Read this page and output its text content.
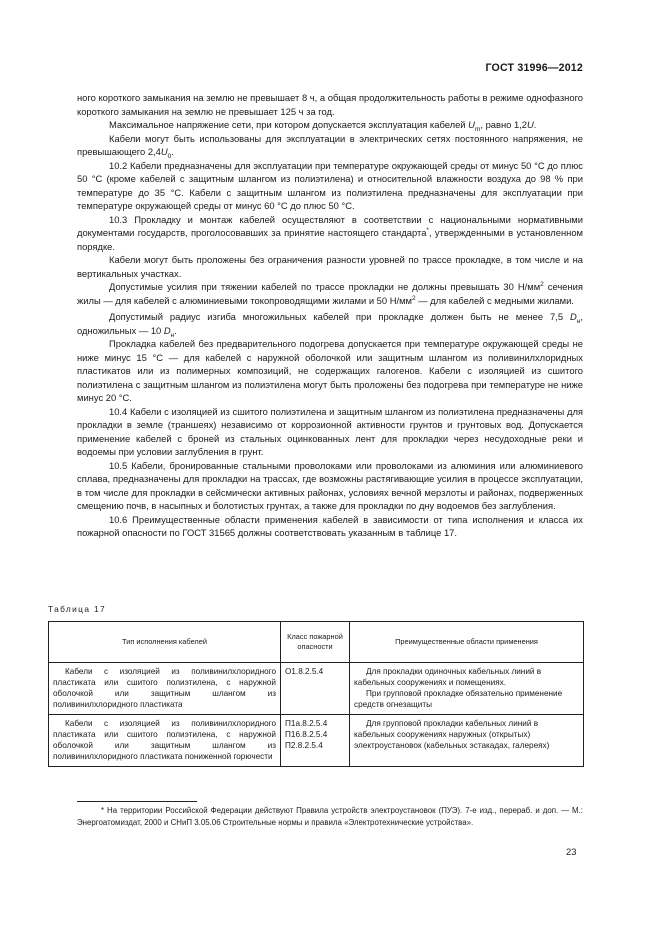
ГОСТ 31996—2012

ного короткого замыкания на землю не превышает 8 ч, а общая продолжительность работы в режиме однофазного короткого замыкания на землю не превышает 125 ч за год.

Максимальное напряжение сети, при котором допускается эксплуатация кабелей $U_m$, равно 1,2U.

Кабели могут быть использованы для эксплуатации в электрических сетях постоянного напряжения, не превышающего $2,4U_0$.

10.2 Кабели предназначены для эксплуатации при температуре окружающей среды от минус 50 °С до плюс 50 °С (кроме кабелей с защитным шлангом из полиэтилена) и относительной влажности воздуха до 98 % при температуре до 35 °С. Кабели с защитным шлангом из полиэтилена предназначены для эксплуатации при температуре окружающей среды от минус 60 °С до плюс 50 °С.

10.3 Прокладку и монтаж кабелей осуществляют в соответствии с национальными нормативными документами государств, проголосовавших за принятие настоящего стандарта*, утвержденными в установленном порядке.

Кабели могут быть проложены без ограничения разности уровней по трассе прокладке, в том числе и на вертикальных участках.

Допустимые усилия при тяжении кабелей по трассе прокладки не должны превышать 30 $Н/мм^2$ сечения жилы — для кабелей с алюминиевыми токопроводящими жилами и 50 $Н/мм^2$ — для кабелей с медными жилами.

Допустимый радиус изгиба многожильных кабелей при прокладке должен быть не менее 7,5 $D_н$, одножильных — 10 $D_н$.

Прокладка кабелей без предварительного подогрева допускается при температуре окружающей среды не ниже минус 15 °С — для кабелей с наружной оболочкой или защитным шлангом из поливинилхлоридных пластикатов или из полимерных композиций, не содержащих галогенов. Кабели с изоляцией из сшитого полиэтилена с защитным шлангом из полиэтилена могут быть проложены без подогрева при температуре не ниже минус 20 °С.

10.4 Кабели с изоляцией из сшитого полиэтилена и защитным шлангом из полиэтилена предназначены для прокладки в земле (траншеях) независимо от коррозионной активности грунтов и грунтовых вод. Допускается применение кабелей с броней из стальных оцинкованных лент для прокладки через несудоходные реки и водоемы при условии заглубления в грунт.

10.5 Кабели, бронированные стальными проволоками или проволоками из алюминия или алюминиевого сплава, предназначены для прокладки на трассах, где возможны растягивающие усилия в процессе эксплуатации, в том числе для прокладки в сейсмически активных районах, условиях вечной мерзлоты и районах, подверженных смещению почв, в насыпных и болотистых грунтах, а также для прокладки по дну водоемов без заглубления.

10.6 Преимущественные области применения кабелей в зависимости от типа исполнения и класса их пожарной опасности по ГОСТ 31565 должны соответствовать указанным в таблице 17.

Таблица 17
Тип исполнения кабелей	Класс пожарной опасности	Преимущественные области применения

Кабели с изоляцией из поливинилхлоридного пластиката или сшитого полиэтилена, с наружной оболочкой или защитным шлангом из поливинилхлоридного пластиката	О1.8.2.5.4	Для прокладки одиночных кабельных линий в кабельных сооружениях и помещениях.
При групповой прокладке обязательно применение средств огнезащиты

Кабели с изоляцией из поливинилхлоридного пластиката или сшитого полиэтилена, с наружной оболочкой или защитным шлангом из поливинилхлоридного пластиката пониженной горючести	П1а.8.2.5.4
П16.8.2.5.4
П2.8.2.5.4	Для групповой прокладки кабельных линий в кабельных сооружениях наружных (открытых) электроустановок (кабельных эстакадах, галереях)
* На территории Российской Федерации действуют Правила устройств электроустановок (ПУЭ). 7-е изд., перераб. и доп. — М.: Энергоатомиздат, 2000 и СНиП 3.05.06 Строительные нормы и правила «Электротехнические устройства».
23
